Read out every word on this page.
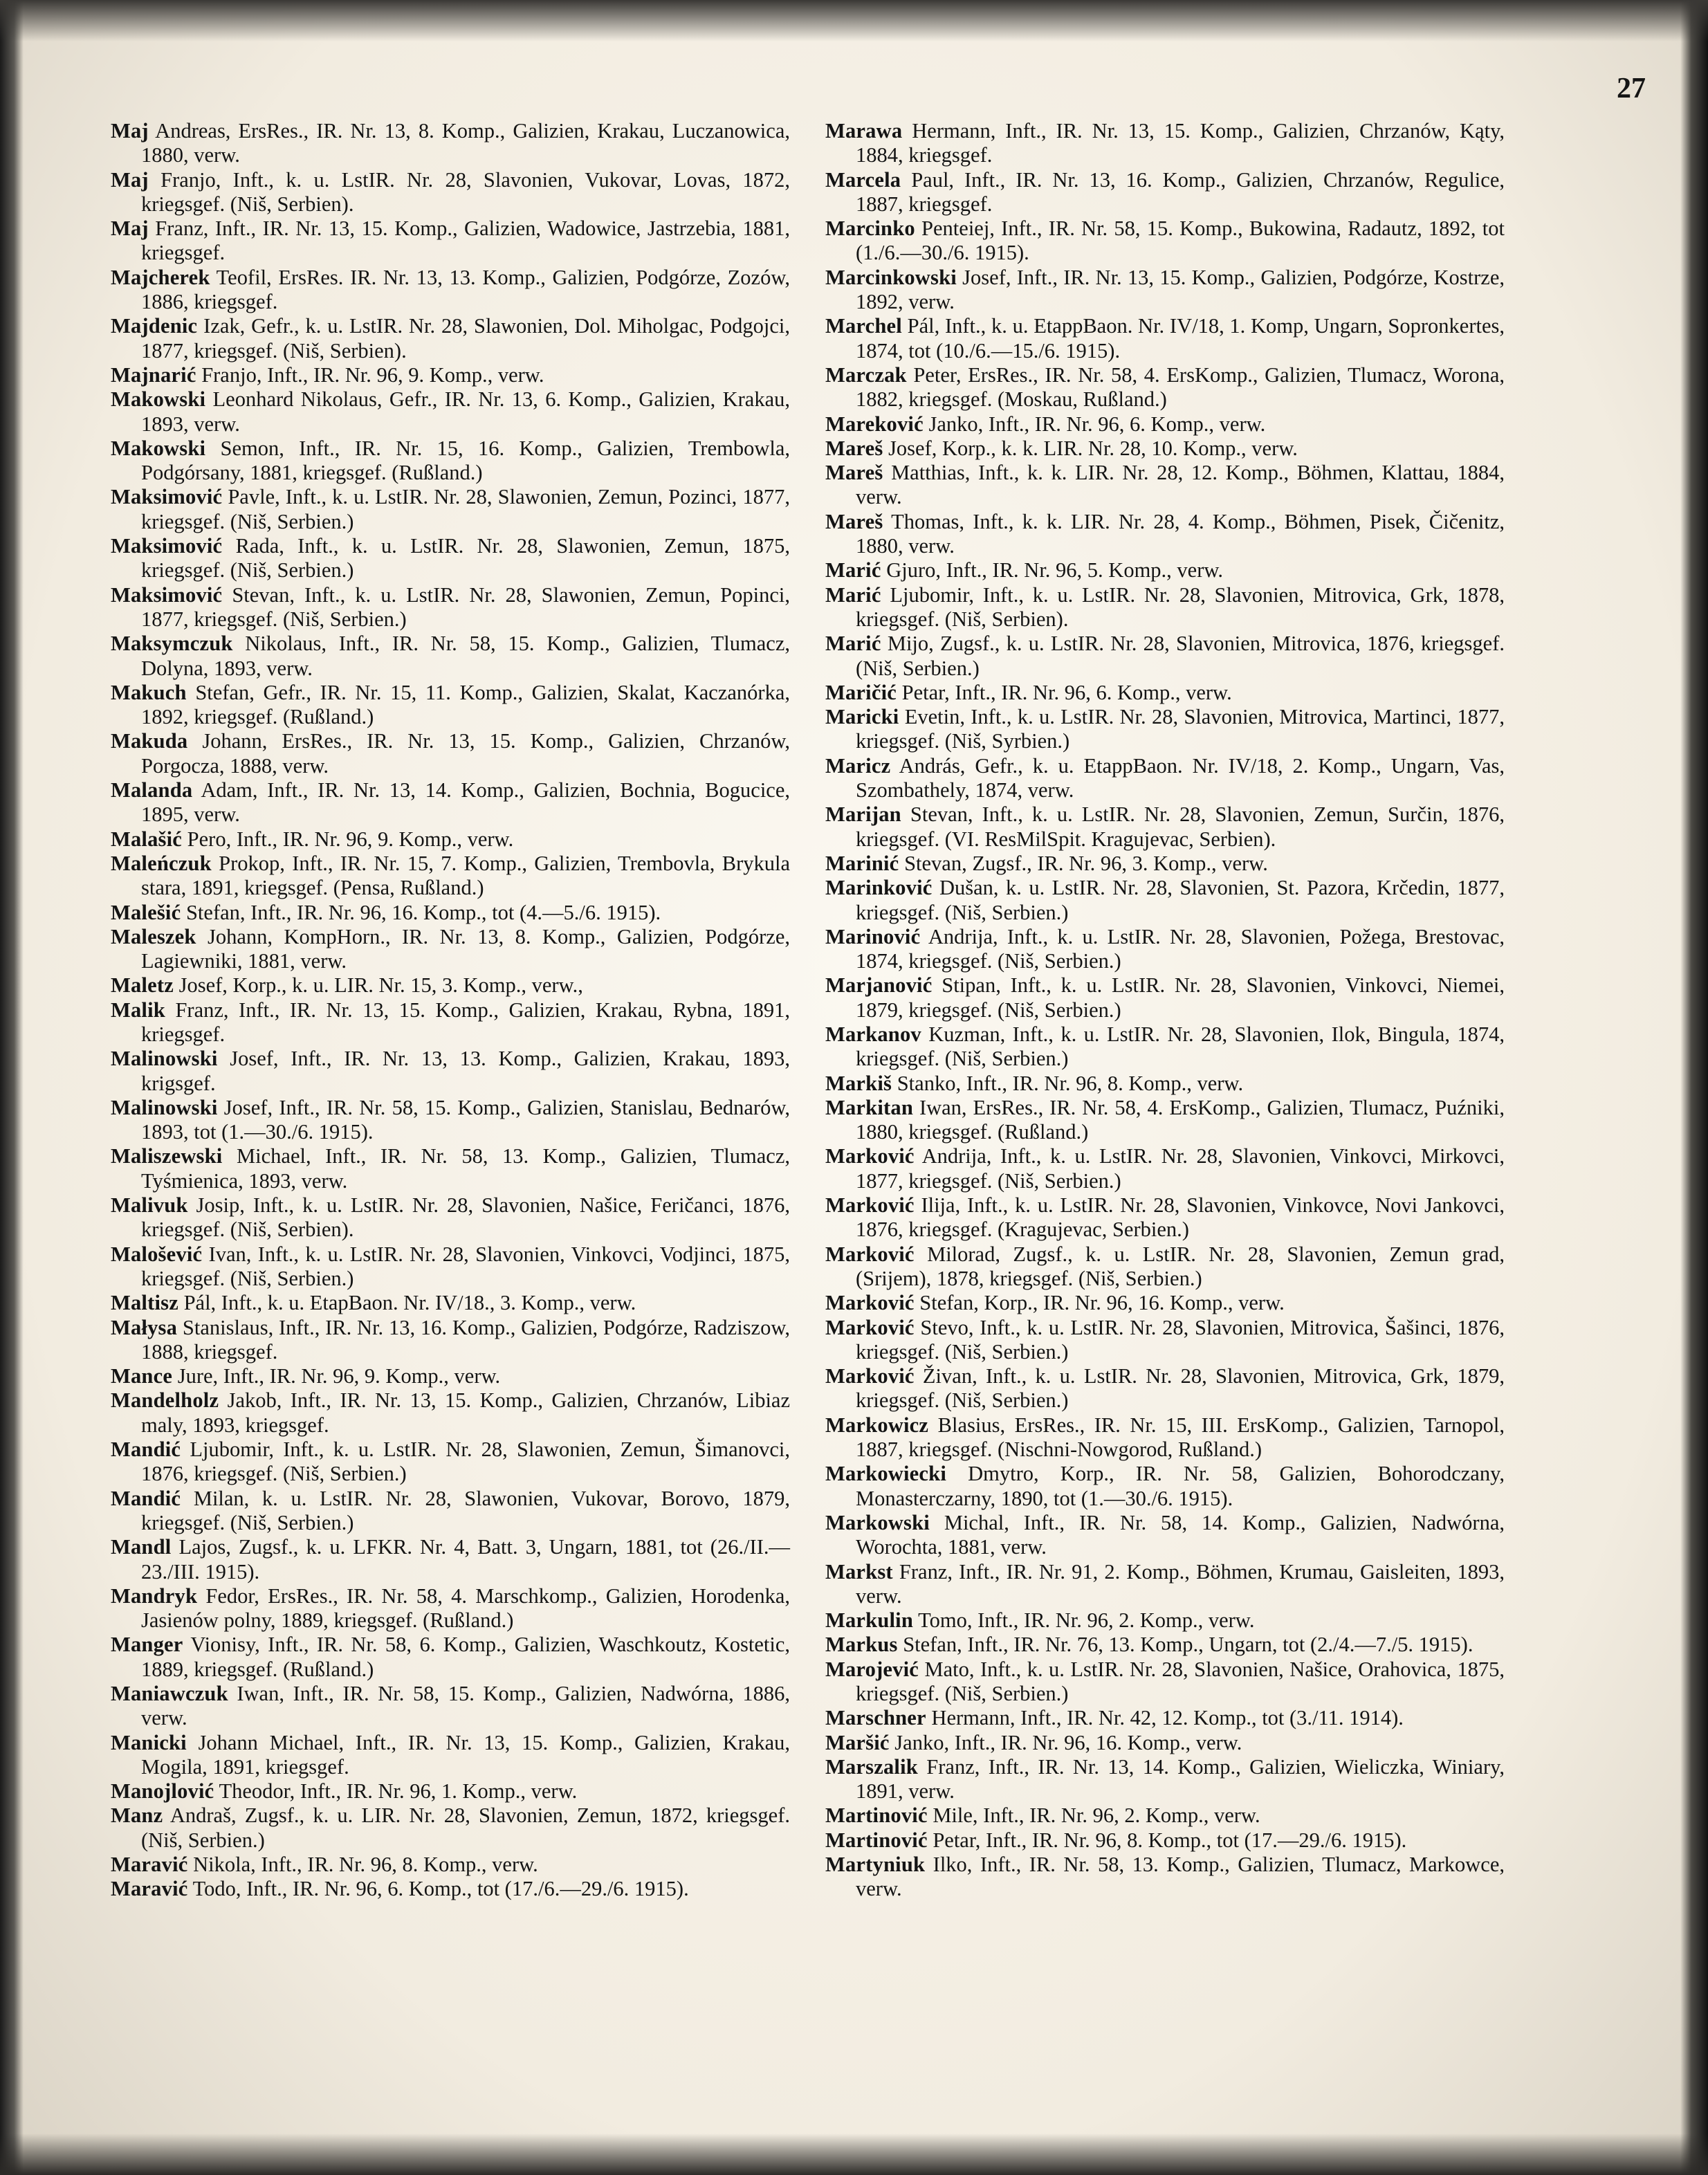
27

Maj Andreas, ErsRes., IR. Nr. 13, 8. Komp., Galizien, Krakau, Luczanowica, 1880, verw.

Maj Franjo, Inft., k. u. LstIR. Nr. 28, Slavonien, Vukovar, Lovas, 1872, kriegsgef. (Niš, Serbien).

Maj Franz, Inft., IR. Nr. 13, 15. Komp., Galizien, Wadowice, Jastrzebia, 1881, kriegsgef.

Majcherek Teofil, ErsRes. IR. Nr. 13, 13. Komp., Galizien, Podgórze, Zozów, 1886, kriegsgef.

Majdenic Izak, Gefr., k. u. LstIR. Nr. 28, Slawonien, Dol. Miholgac, Podgojci, 1877, kriegsgef. (Niš, Serbien).

Majnarić Franjo, Inft., IR. Nr. 96, 9. Komp., verw.

Makowski Leonhard Nikolaus, Gefr., IR. Nr. 13, 6. Komp., Galizien, Krakau, 1893, verw.

Makowski Semon, Inft., IR. Nr. 15, 16. Komp., Galizien, Trembowla, Podgórsany, 1881, kriegsgef. (Rußland.)

Maksimović Pavle, Inft., k. u. LstIR. Nr. 28, Slawonien, Zemun, Pozinci, 1877, kriegsgef. (Niš, Serbien.)

Maksimović Rada, Inft., k. u. LstIR. Nr. 28, Slawonien, Zemun, 1875, kriegsgef. (Niš, Serbien.)

Maksimović Stevan, Inft., k. u. LstIR. Nr. 28, Slawonien, Zemun, Popinci, 1877, kriegsgef. (Niš, Serbien.)

Maksymczuk Nikolaus, Inft., IR. Nr. 58, 15. Komp., Galizien, Tlumacz, Dolyna, 1893, verw.

Makuch Stefan, Gefr., IR. Nr. 15, 11. Komp., Galizien, Skalat, Kaczanórka, 1892, kriegsgef. (Rußland.)

Makuda Johann, ErsRes., IR. Nr. 13, 15. Komp., Galizien, Chrzanów, Porgocza, 1888, verw.

Malanda Adam, Inft., IR. Nr. 13, 14. Komp., Galizien, Bochnia, Bogucice, 1895, verw.

Malašić Pero, Inft., IR. Nr. 96, 9. Komp., verw.

Maleńczuk Prokop, Inft., IR. Nr. 15, 7. Komp., Galizien, Trembovla, Brykula stara, 1891, kriegsgef. (Pensa, Rußland.)

Malešić Stefan, Inft., IR. Nr. 96, 16. Komp., tot (4.—5./6. 1915).

Maleszek Johann, KompHorn., IR. Nr. 13, 8. Komp., Galizien, Podgórze, Lagiewniki, 1881, verw.

Maletz Josef, Korp., k. u. LIR. Nr. 15, 3. Komp., verw.,

Malik Franz, Inft., IR. Nr. 13, 15. Komp., Galizien, Krakau, Rybna, 1891, kriegsgef.

Malinowski Josef, Inft., IR. Nr. 13, 13. Komp., Galizien, Krakau, 1893, krigsgef.

Malinowski Josef, Inft., IR. Nr. 58, 15. Komp., Galizien, Stanislau, Bednarów, 1893, tot (1.—30./6. 1915).

Maliszewski Michael, Inft., IR. Nr. 58, 13. Komp., Galizien, Tlumacz, Tyśmienica, 1893, verw.

Malivuk Josip, Inft., k. u. LstIR. Nr. 28, Slavonien, Našice, Feričanci, 1876, kriegsgef. (Niš, Serbien).

Malošević Ivan, Inft., k. u. LstIR. Nr. 28, Slavonien, Vinkovci, Vodjinci, 1875, kriegsgef. (Niš, Serbien.)

Maltisz Pál, Inft., k. u. EtapBaon. Nr. IV/18., 3. Komp., verw.

Małysa Stanislaus, Inft., IR. Nr. 13, 16. Komp., Galizien, Podgórze, Radziszow, 1888, kriegsgef.

Mance Jure, Inft., IR. Nr. 96, 9. Komp., verw.

Mandelholz Jakob, Inft., IR. Nr. 13, 15. Komp., Galizien, Chrzanów, Libiaz maly, 1893, kriegsgef.

Mandić Ljubomir, Inft., k. u. LstIR. Nr. 28, Slawonien, Zemun, Šimanovci, 1876, kriegsgef. (Niš, Serbien.)

Mandić Milan, k. u. LstIR. Nr. 28, Slawonien, Vukovar, Borovo, 1879, kriegsgef. (Niš, Serbien.)

Mandl Lajos, Zugsf., k. u. LFKR. Nr. 4, Batt. 3, Ungarn, 1881, tot (26./II.—23./III. 1915).

Mandryk Fedor, ErsRes., IR. Nr. 58, 4. Marschkomp., Galizien, Horodenka, Jasienów polny, 1889, kriegsgef. (Rußland.)

Manger Vionisy, Inft., IR. Nr. 58, 6. Komp., Galizien, Waschkoutz, Kostetic, 1889, kriegsgef. (Rußland.)

Maniawczuk Iwan, Inft., IR. Nr. 58, 15. Komp., Galizien, Nadwórna, 1886, verw.

Manicki Johann Michael, Inft., IR. Nr. 13, 15. Komp., Galizien, Krakau, Mogila, 1891, kriegsgef.

Manojlović Theodor, Inft., IR. Nr. 96, 1. Komp., verw.

Manz Andraš, Zugsf., k. u. LIR. Nr. 28, Slavonien, Zemun, 1872, kriegsgef. (Niš, Serbien.)

Maravić Nikola, Inft., IR. Nr. 96, 8. Komp., verw.

Maravić Todo, Inft., IR. Nr. 96, 6. Komp., tot (17./6.—29./6. 1915).

Marawa Hermann, Inft., IR. Nr. 13, 15. Komp., Galizien, Chrzanów, Kąty, 1884, kriegsgef.

Marcela Paul, Inft., IR. Nr. 13, 16. Komp., Galizien, Chrzanów, Regulice, 1887, kriegsgef.

Marcinko Penteiej, Inft., IR. Nr. 58, 15. Komp., Bukowina, Radautz, 1892, tot (1./6.—30./6. 1915).

Marcinkowski Josef, Inft., IR. Nr. 13, 15. Komp., Galizien, Podgórze, Kostrze, 1892, verw.

Marchel Pál, Inft., k. u. EtappBaon. Nr. IV/18, 1. Komp, Ungarn, Sopronkertes, 1874, tot (10./6.—15./6. 1915).

Marczak Peter, ErsRes., IR. Nr. 58, 4. ErsKomp., Galizien, Tlumacz, Worona, 1882, kriegsgef. (Moskau, Rußland.)

Mareković Janko, Inft., IR. Nr. 96, 6. Komp., verw.

Mareš Josef, Korp., k. k. LIR. Nr. 28, 10. Komp., verw.

Mareš Matthias, Inft., k. k. LIR. Nr. 28, 12. Komp., Böhmen, Klattau, 1884, verw.

Mareš Thomas, Inft., k. k. LIR. Nr. 28, 4. Komp., Böhmen, Pisek, Čičenitz, 1880, verw.

Marić Gjuro, Inft., IR. Nr. 96, 5. Komp., verw.

Marić Ljubomir, Inft., k. u. LstIR. Nr. 28, Slavonien, Mitrovica, Grk, 1878, kriegsgef. (Niš, Serbien).

Marić Mijo, Zugsf., k. u. LstIR. Nr. 28, Slavonien, Mitrovica, 1876, kriegsgef. (Niš, Serbien.)

Maričić Petar, Inft., IR. Nr. 96, 6. Komp., verw.

Maricki Evetin, Inft., k. u. LstIR. Nr. 28, Slavonien, Mitrovica, Martinci, 1877, kriegsgef. (Niš, Syrbien.)

Maricz András, Gefr., k. u. EtappBaon. Nr. IV/18, 2. Komp., Ungarn, Vas, Szombathely, 1874, verw.

Marijan Stevan, Inft., k. u. LstIR. Nr. 28, Slavonien, Zemun, Surčin, 1876, kriegsgef. (VI. ResMilSpit. Kragujevac, Serbien).

Marinić Stevan, Zugsf., IR. Nr. 96, 3. Komp., verw.

Marinković Dušan, k. u. LstIR. Nr. 28, Slavonien, St. Pazora, Krčedin, 1877, kriegsgef. (Niš, Serbien.)

Marinović Andrija, Inft., k. u. LstIR. Nr. 28, Slavonien, Požega, Brestovac, 1874, kriegsgef. (Niš, Serbien.)

Marjanović Stipan, Inft., k. u. LstIR. Nr. 28, Slavonien, Vinkovci, Niemei, 1879, kriegsgef. (Niš, Serbien.)

Markanov Kuzman, Inft., k. u. LstIR. Nr. 28, Slavonien, Ilok, Bingula, 1874, kriegsgef. (Niš, Serbien.)

Markiš Stanko, Inft., IR. Nr. 96, 8. Komp., verw.

Markitan Iwan, ErsRes., IR. Nr. 58, 4. ErsKomp., Galizien, Tlumacz, Puźniki, 1880, kriegsgef. (Rußland.)

Marković Andrija, Inft., k. u. LstIR. Nr. 28, Slavonien, Vinkovci, Mirkovci, 1877, kriegsgef. (Niš, Serbien.)

Marković Ilija, Inft., k. u. LstIR. Nr. 28, Slavonien, Vinkovce, Novi Jankovci, 1876, kriegsgef. (Kragujevac, Serbien.)

Marković Milorad, Zugsf., k. u. LstIR. Nr. 28, Slavonien, Zemun grad, (Srijem), 1878, kriegsgef. (Niš, Serbien.)

Marković Stefan, Korp., IR. Nr. 96, 16. Komp., verw.

Marković Stevo, Inft., k. u. LstIR. Nr. 28, Slavonien, Mitrovica, Šašinci, 1876, kriegsgef. (Niš, Serbien.)

Marković Živan, Inft., k. u. LstIR. Nr. 28, Slavonien, Mitrovica, Grk, 1879, kriegsgef. (Niš, Serbien.)

Markowicz Blasius, ErsRes., IR. Nr. 15, III. ErsKomp., Galizien, Tarnopol, 1887, kriegsgef. (Nischni-Nowgorod, Rußland.)

Markowiecki Dmytro, Korp., IR. Nr. 58, Galizien, Bohorodczany, Monasterczarny, 1890, tot (1.—30./6. 1915).

Markowski Michal, Inft., IR. Nr. 58, 14. Komp., Galizien, Nadwórna, Worochta, 1881, verw.

Markst Franz, Inft., IR. Nr. 91, 2. Komp., Böhmen, Krumau, Gaisleiten, 1893, verw.

Markulin Tomo, Inft., IR. Nr. 96, 2. Komp., verw.

Markus Stefan, Inft., IR. Nr. 76, 13. Komp., Ungarn, tot (2./4.—7./5. 1915).

Marojević Mato, Inft., k. u. LstIR. Nr. 28, Slavonien, Našice, Orahovica, 1875, kriegsgef. (Niš, Serbien.)

Marschner Hermann, Inft., IR. Nr. 42, 12. Komp., tot (3./11. 1914).

Maršić Janko, Inft., IR. Nr. 96, 16. Komp., verw.

Marszalik Franz, Inft., IR. Nr. 13, 14. Komp., Galizien, Wieliczka, Winiary, 1891, verw.

Martinović Mile, Inft., IR. Nr. 96, 2. Komp., verw.

Martinović Petar, Inft., IR. Nr. 96, 8. Komp., tot (17.—29./6. 1915).

Martyniuk Ilko, Inft., IR. Nr. 58, 13. Komp., Galizien, Tlumacz, Markowce, verw.
